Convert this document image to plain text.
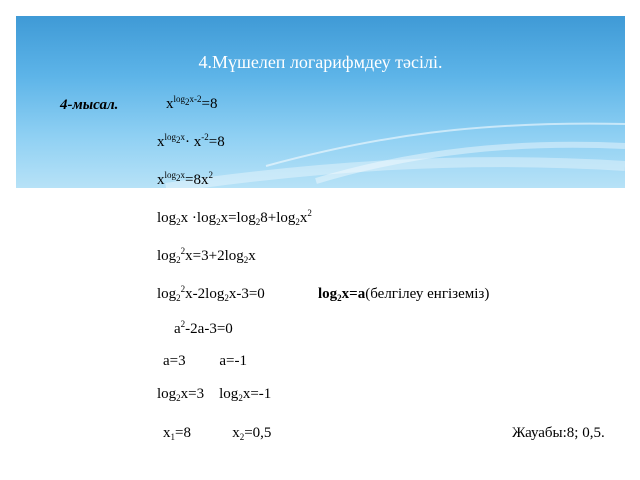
4.Мүшелеп логарифмдеу тәсілі.
4-мысал.	$x^{log_2x-2}=8$
$x^{log_2x}\cdot x^{-2}=8$
$x^{log_2x}=8x^2$
$\log_2x \cdot\log_2x=\log_28+\log_2x^2$
$\log_2^2x=3+2\log_2x$
$\log_2^2x-2\log_2x-3=0$	$\log_2x=a(белгілеу$ енгіземіз)
$a^2-2a-3=0$
a=3         a=-1
$\log_2x=3$    $\log_2x=-1$
$x_1=8$           $x_2=0,5$	Жауабы:8; 0,5.
